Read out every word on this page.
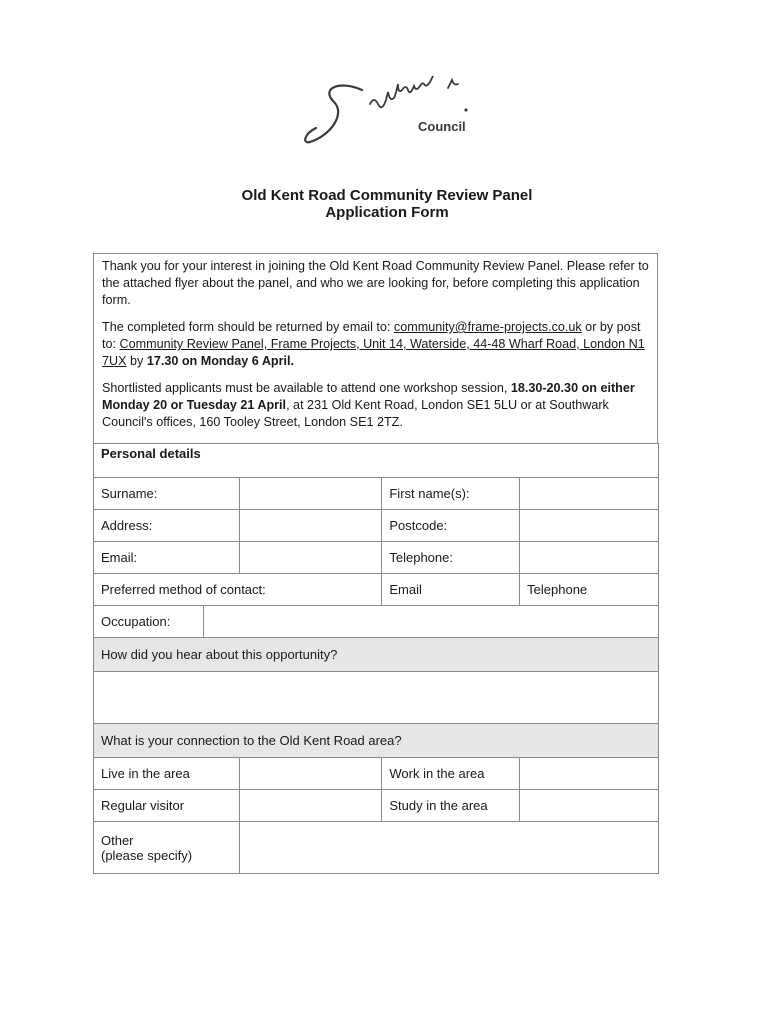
Council
Old Kent Road Community Review Panel
Application Form

Thank you for your interest in joining the Old Kent Road Community Review Panel. Please refer to the attached flyer about the panel, and who we are looking for, before completing this application form.

The completed form should be returned by email to: community@frame-projects.co.uk or by post to: Community Review Panel, Frame Projects, Unit 14, Waterside, 44-48 Wharf Road, London N1 7UX by 17.30 on Monday 6 April.

Shortlisted applicants must be available to attend one workshop session, 18.30-20.30 on either Monday 20 or Tuesday 21 April, at 231 Old Kent Road, London SE1 5LU or at Southwark Council's offices, 160 Tooley Street, London SE1 2TZ.

Personal details				
Surname:			First name(s):	
Address:			Postcode:	
Email:			Telephone:	
Preferred method of contact:			Email	Telephone
Occupation:				
How did you hear about this opportunity?				

What is your connection to the Old Kent Road area?				
Live in the area			Work in the area	
Regular visitor			Study in the area	

Other
(please specify)				
